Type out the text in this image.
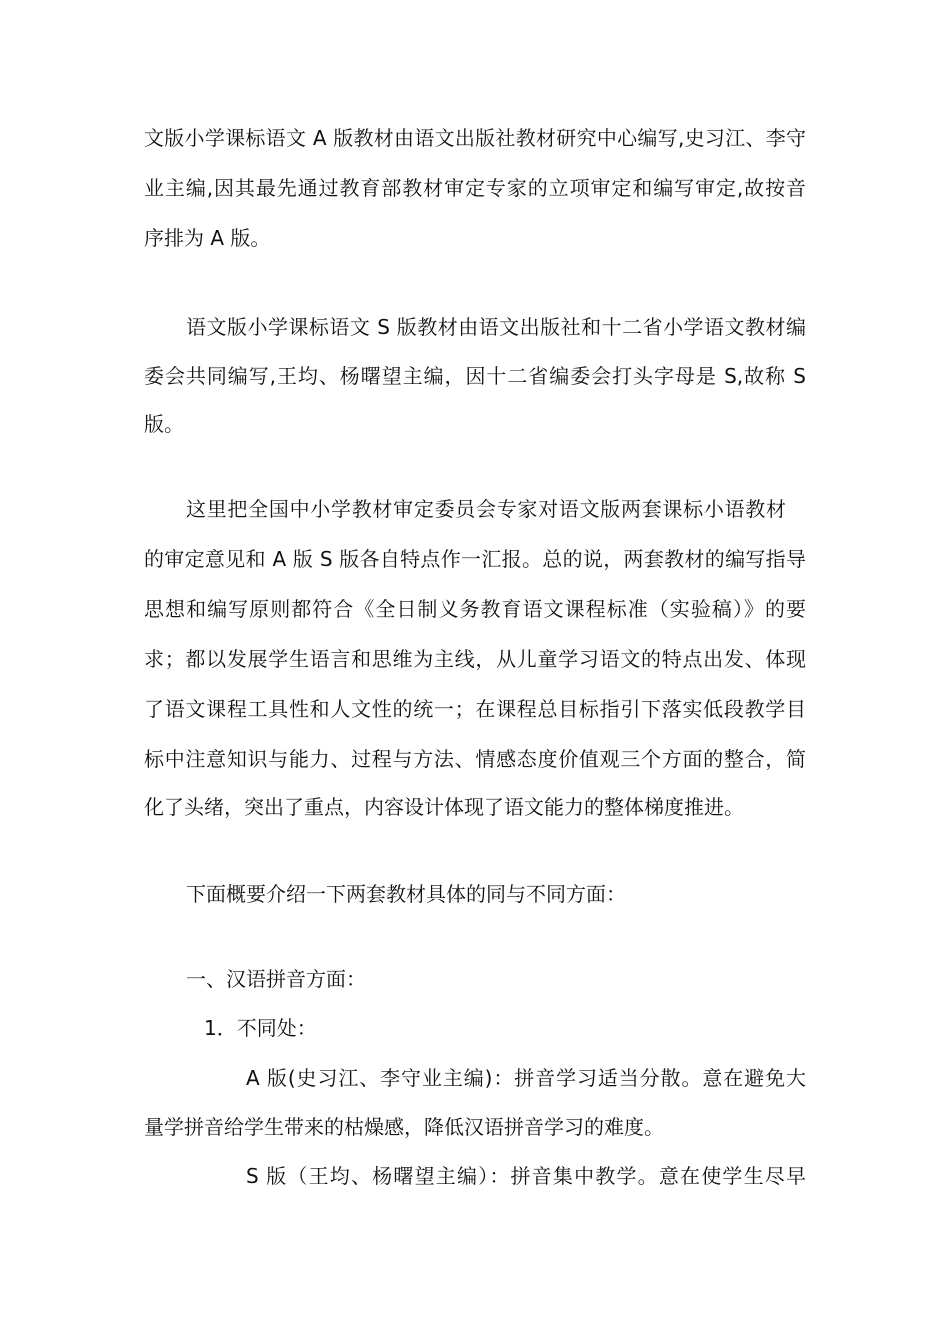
文版小学课标语文 A 版教材由语文出版社教材研究中心编写,史习江、李守
业主编,因其最先通过教育部教材审定专家的立项审定和编写审定,故按音
序排为 A 版。
语文版小学课标语文 S 版教材由语文出版社和十二省小学语文教材编
委会共同编写,王均、杨曙望主编，因十二省编委会打头字母是 S,故称 S
版。
这里把全国中小学教材审定委员会专家对语文版两套课标小语教材
的审定意见和 A 版 S 版各自特点作一汇报。总的说，两套教材的编写指导
思想和编写原则都符合《全日制义务教育语文课程标准（实验稿）》的要
求；都以发展学生语言和思维为主线，从儿童学习语文的特点出发、体现
了语文课程工具性和人文性的统一；在课程总目标指引下落实低段教学目
标中注意知识与能力、过程与方法、情感态度价值观三个方面的整合，简
化了头绪，突出了重点，内容设计体现了语文能力的整体梯度推进。
下面概要介绍一下两套教材具体的同与不同方面：
一、汉语拼音方面：
1．不同处：
A 版(史习江、李守业主编)：拼音学习适当分散。意在避免大
量学拼音给学生带来的枯燥感，降低汉语拼音学习的难度。
S 版（王均、杨曙望主编）：拼音集中教学。意在使学生尽早
